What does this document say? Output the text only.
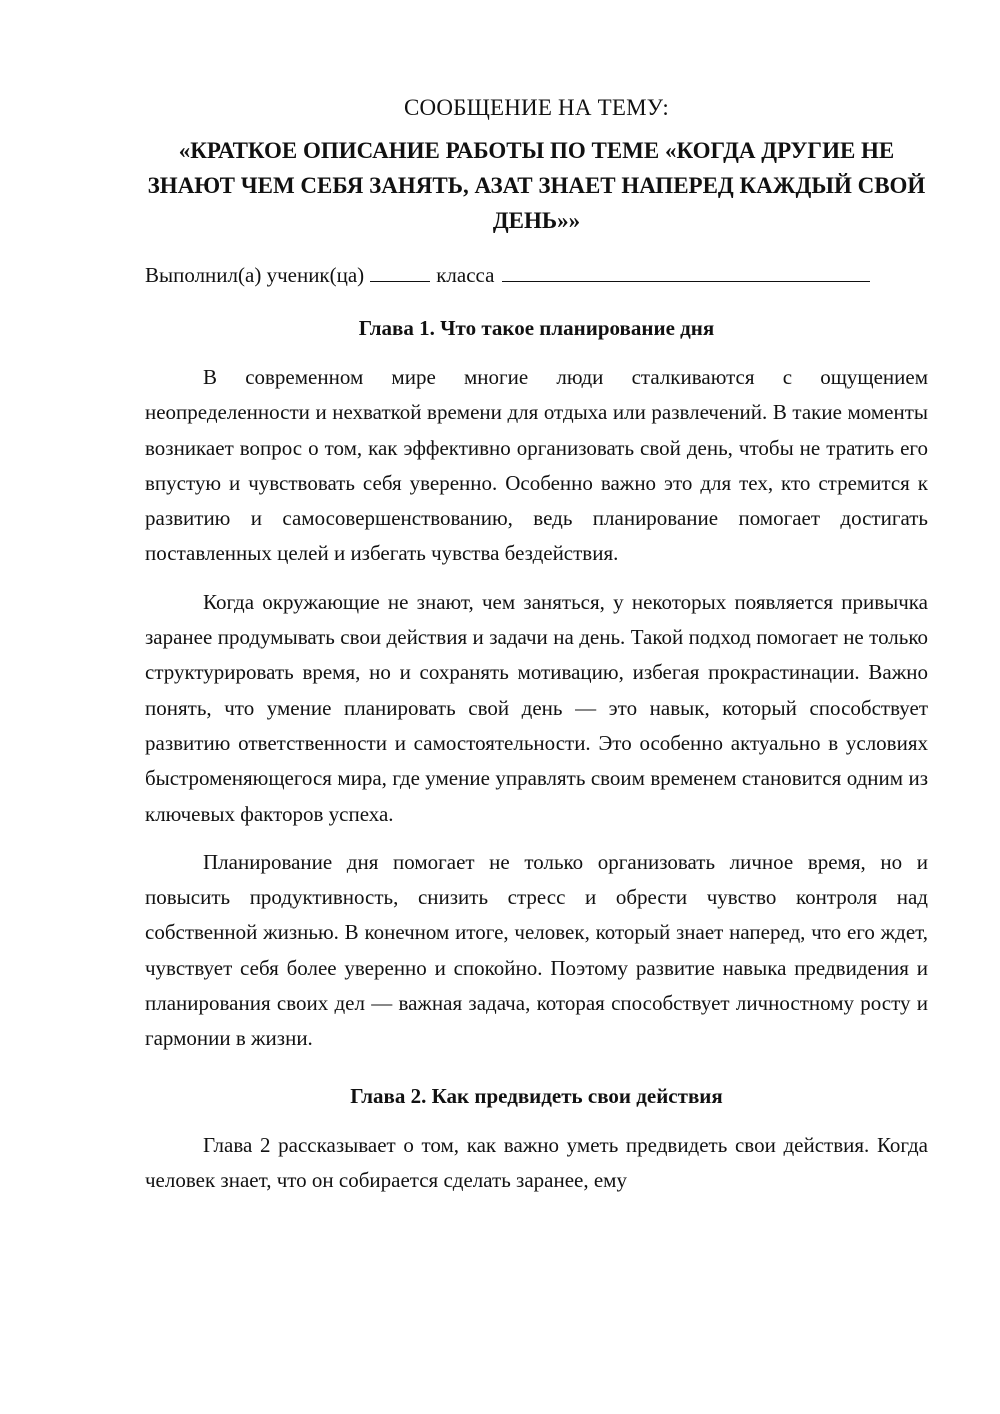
СООБЩЕНИЕ НА ТЕМУ:

«КРАТКОЕ ОПИСАНИЕ РАБОТЫ ПО ТЕМЕ «КОГДА ДРУГИЕ НЕ ЗНАЮТ ЧЕМ СЕБЯ ЗАНЯТЬ, АЗАТ ЗНАЕТ НАПЕРЕД КАЖДЫЙ СВОЙ ДЕНЬ»»

Выполнил(а) ученик(ца)	класса

Глава 1. Что такое планирование дня

В современном мире многие люди сталкиваются с ощущением неопределенности и нехваткой времени для отдыха или развлечений. В такие моменты возникает вопрос о том, как эффективно организовать свой день, чтобы не тратить его впустую и чувствовать себя уверенно. Особенно важно это для тех, кто стремится к развитию и самосовершенствованию, ведь планирование помогает достигать поставленных целей и избегать чувства бездействия.

Когда окружающие не знают, чем заняться, у некоторых появляется привычка заранее продумывать свои действия и задачи на день. Такой подход помогает не только структурировать время, но и сохранять мотивацию, избегая прокрастинации. Важно понять, что умение планировать свой день — это навык, который способствует развитию ответственности и самостоятельности. Это особенно актуально в условиях быстроменяющегося мира, где умение управлять своим временем становится одним из ключевых факторов успеха.

Планирование дня помогает не только организовать личное время, но и повысить продуктивность, снизить стресс и обрести чувство контроля над собственной жизнью. В конечном итоге, человек, который знает наперед, что его ждет, чувствует себя более уверенно и спокойно. Поэтому развитие навыка предвидения и планирования своих дел — важная задача, которая способствует личностному росту и гармонии в жизни.

Глава 2. Как предвидеть свои действия

Глава 2 рассказывает о том, как важно уметь предвидеть свои действия. Когда человек знает, что он собирается сделать заранее, ему
